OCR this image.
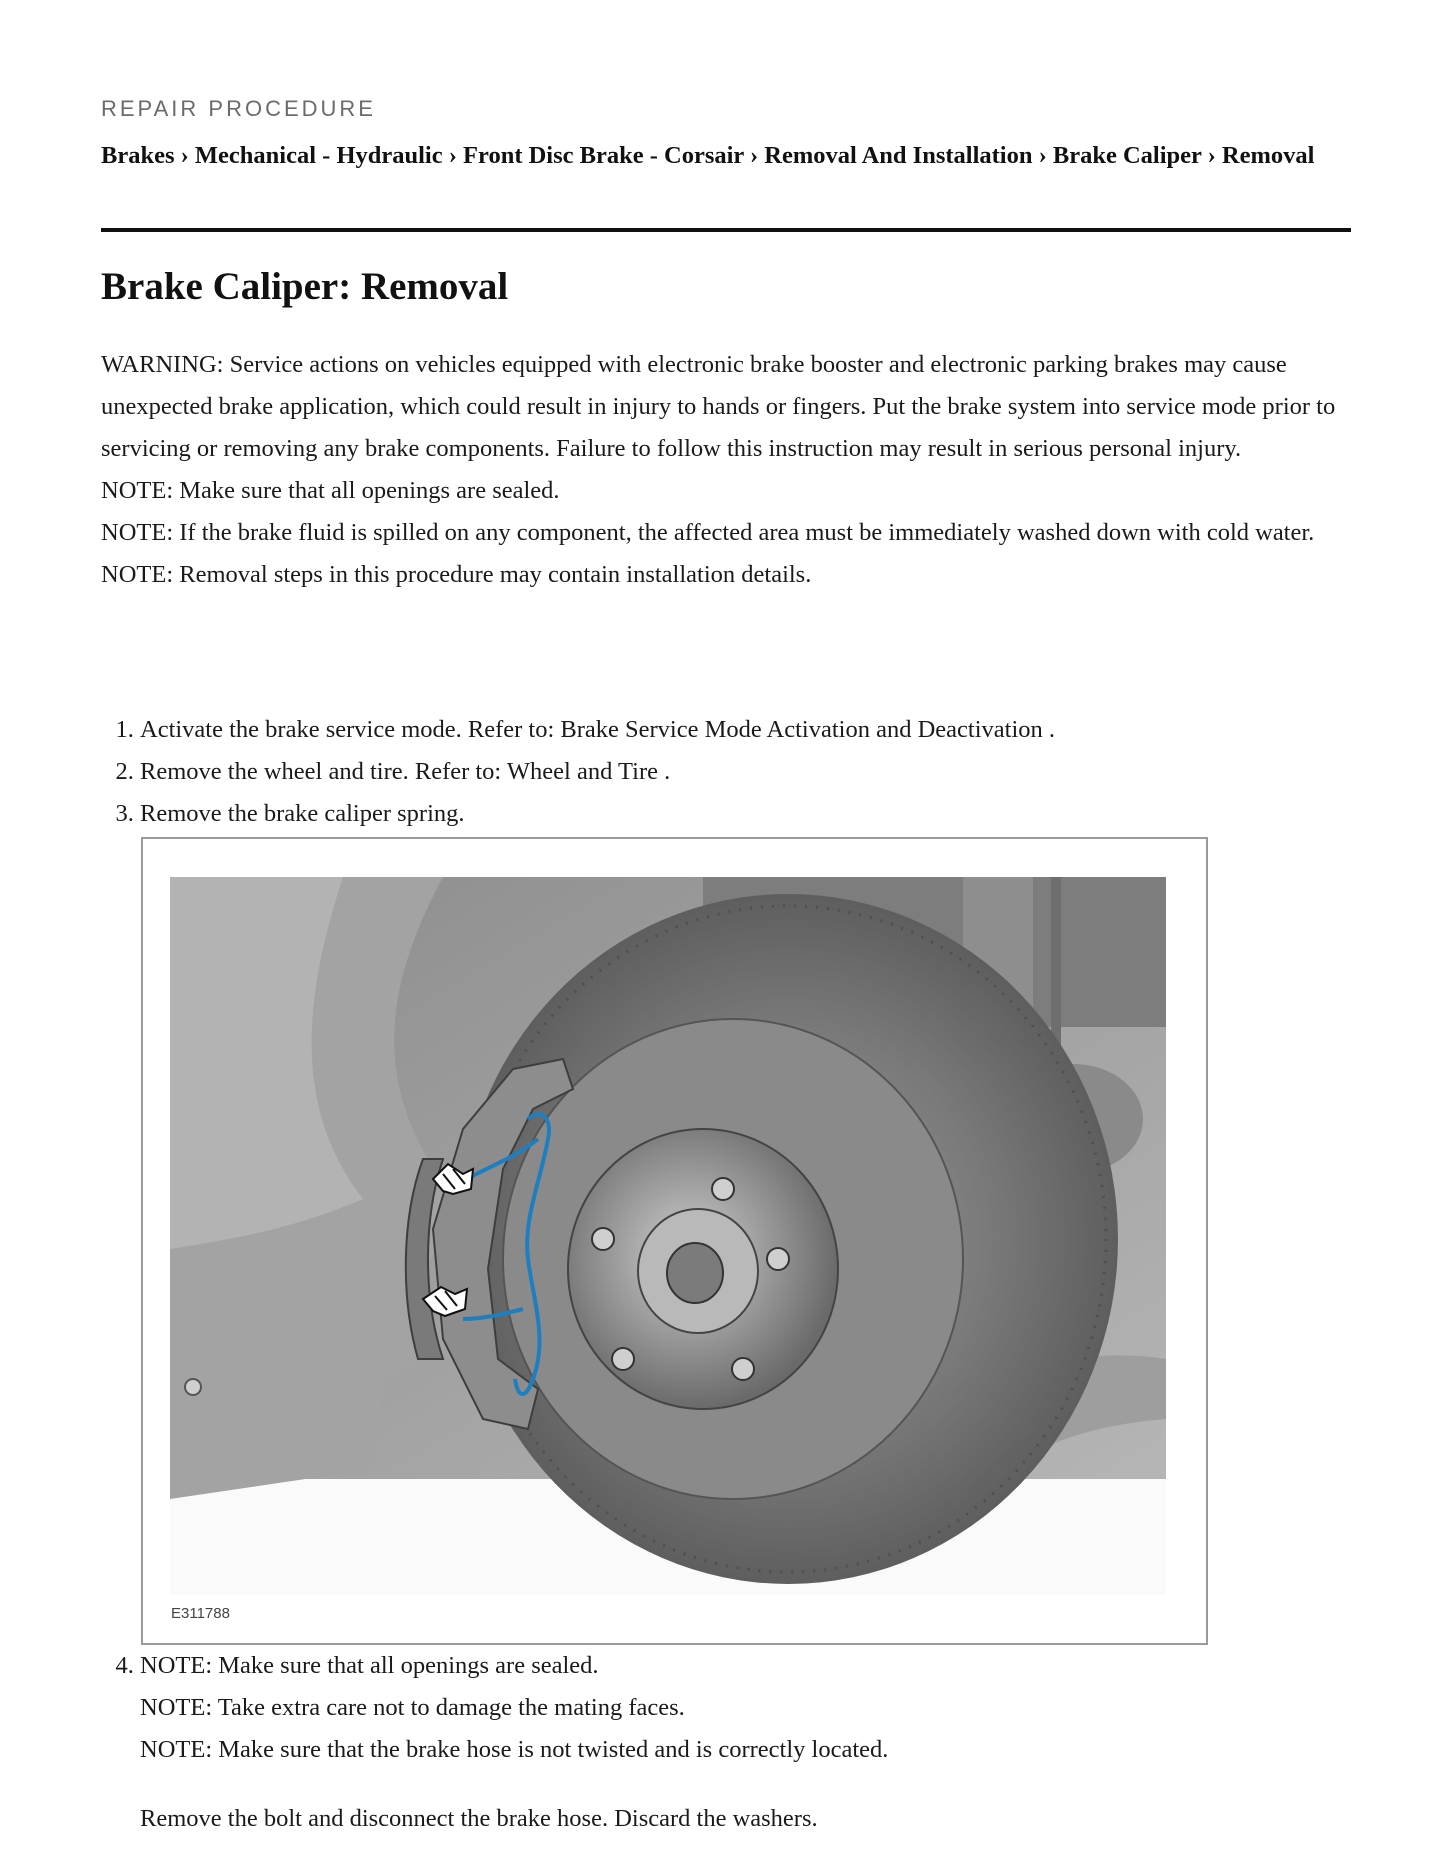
REPAIR PROCEDURE
Brakes › Mechanical - Hydraulic › Front Disc Brake - Corsair › Removal And Installation › Brake Caliper › Removal
Brake Caliper: Removal

WARNING: Service actions on vehicles equipped with electronic brake booster and electronic parking brakes may cause unexpected brake application, which could result in injury to hands or fingers. Put the brake system into service mode prior to servicing or removing any brake components. Failure to follow this instruction may result in serious personal injury.

NOTE: Make sure that all openings are sealed.

NOTE: If the brake fluid is spilled on any component, the affected area must be immediately washed down with cold water.

NOTE: Removal steps in this procedure may contain installation details.

1. Activate the brake service mode. Refer to: Brake Service Mode Activation and Deactivation .
2. Remove the wheel and tire. Refer to: Wheel and Tire .
3. Remove the brake caliper spring.
E311788

4. NOTE: Make sure that all openings are sealed.

NOTE: Take extra care not to damage the mating faces.

NOTE: Make sure that the brake hose is not twisted and is correctly located.

Remove the bolt and disconnect the brake hose. Discard the washers.
